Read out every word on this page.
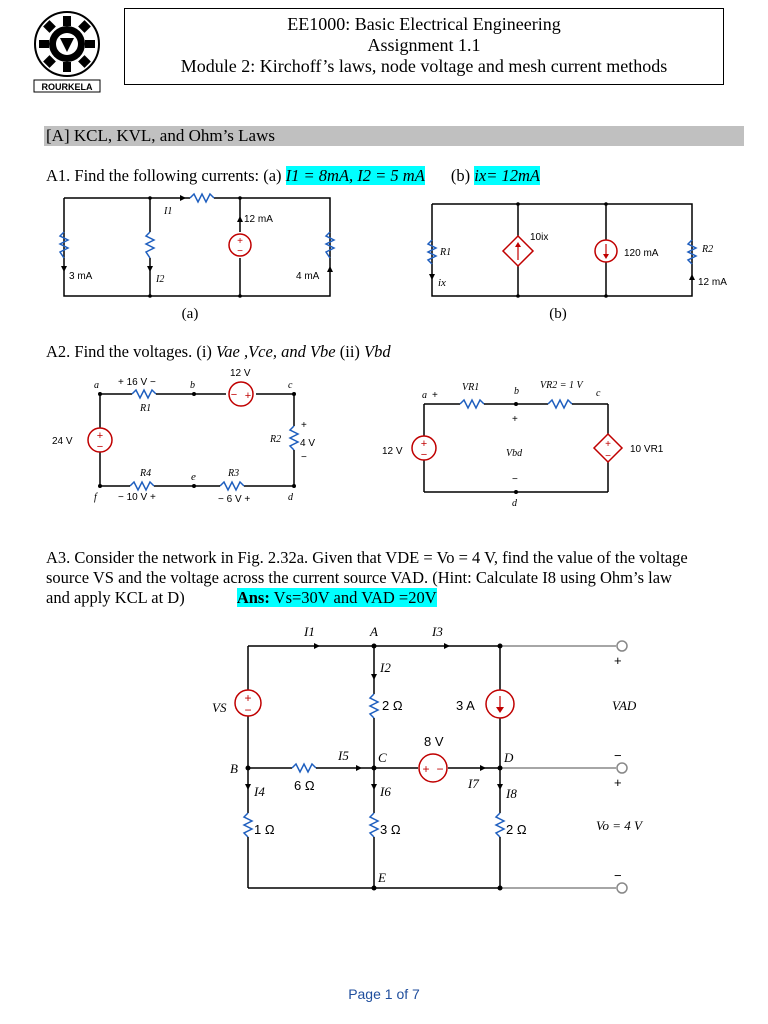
ROURKELA
EE1000: Basic Electrical Engineering
Assignment 1.1
Module 2: Kirchoff’s laws, node voltage and mesh current methods
[A] KCL, KVL, and Ohm’s Laws
A1. Find the following currents: (a) I1 = 8mA, I2 = 5 mA (b) ix= 12mA
+
−
I1
12 mA
3 mA	I2	4 mA
(a)
10ix
120 mA
R1	R2
ix	12 mA
(b)
A2. Find the voltages. (i) Vae ,Vce, and Vbe (ii) Vbd
+
−
− +
a	b	c
d
e
f
+ 16 V −
R1
12 V
24 V	R2
+
4 V
−
R4
− 10 V +
R3
− 6 V +
+
−
+
−
a +
VR1	b
VR2 = 1 V
c
+
Vbd
−
d
12 V	10 VR1
A3. Consider the network in Fig. 2.32a. Given that VDE = Vo = 4 V, find the value of the voltage
source VS and the voltage across the current source VAD. (Hint: Calculate I8 using Ohm’s law
and apply KCL at D)	Ans: Vs=30V and VAD =20V
+
−
+ −
I1	A	I3
I2
VS	2 Ω	3 A
+
VAD
−
B
I5 C
8 V
D
I4 6 Ω	I6
I7
I8
+
1 Ω	3 Ω	2 Ω	Vo = 4 V
E	−
Page 1 of 7
